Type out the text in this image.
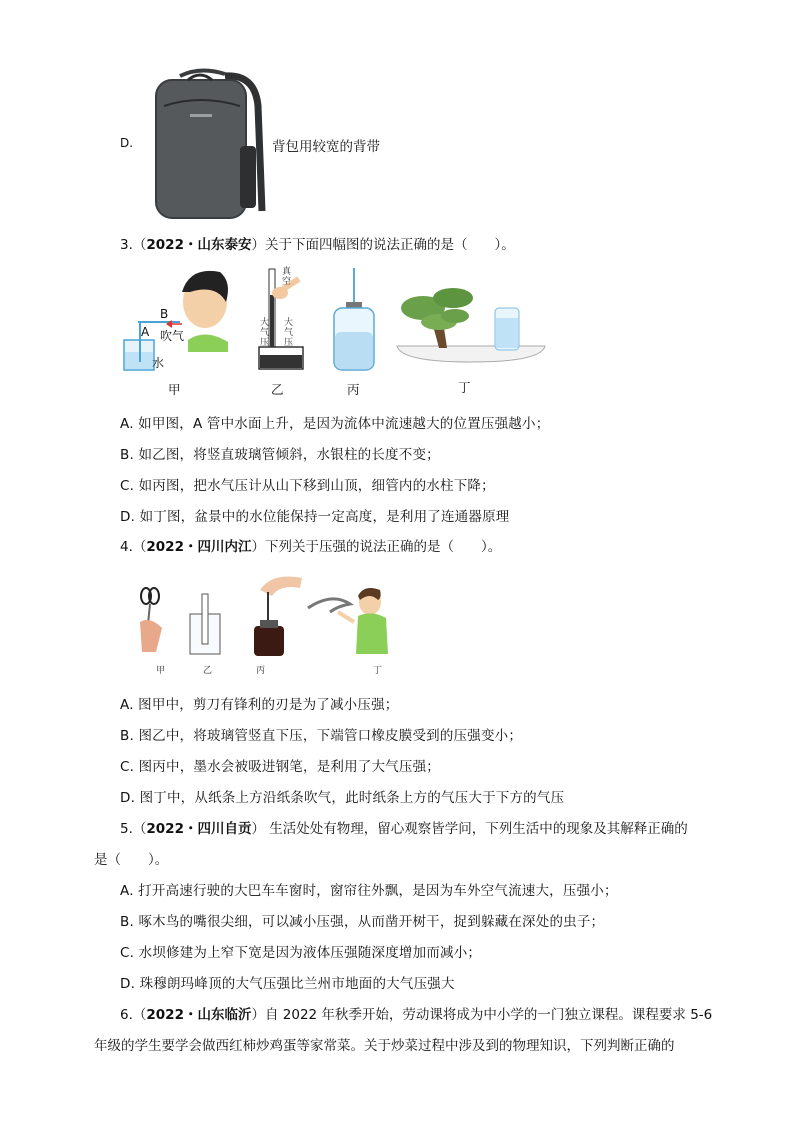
D.	背包用较宽的背带
3.（2022・山东泰安）关于下面四幅图的说法正确的是（　　）。
B
A 吹气
水
甲
真空
大气压
大气压
乙	丙	丁
A. 如甲图，A 管中水面上升，是因为流体中流速越大的位置压强越小；
B. 如乙图，将竖直玻璃管倾斜，水银柱的长度不变；
C. 如丙图，把水气压计从山下移到山顶，细管内的水柱下降；
D. 如丁图，盆景中的水位能保持一定高度，是利用了连通器原理
4.（2022・四川内江）下列关于压强的说法正确的是（　　）。
甲	乙	丙	丁
A. 图甲中，剪刀有锋利的刃是为了减小压强；
B. 图乙中，将玻璃管竖直下压，下端管口橡皮膜受到的压强变小；
C. 图丙中，墨水会被吸进钢笔，是利用了大气压强；
D. 图丁中，从纸条上方沿纸条吹气，此时纸条上方的气压大于下方的气压
5.（2022・四川自贡） 生活处处有物理，留心观察皆学问，下列生活中的现象及其解释正确的
是（　　）。
A. 打开高速行驶的大巴车车窗时，窗帘往外飘，是因为车外空气流速大，压强小；
B. 啄木鸟的嘴很尖细，可以减小压强，从而凿开树干，捉到躲藏在深处的虫子；
C. 水坝修建为上窄下宽是因为液体压强随深度增加而减小；
D. 珠穆朗玛峰顶的大气压强比兰州市地面的大气压强大
6.（2022・山东临沂）自 2022 年秋季开始，劳动课将成为中小学的一门独立课程。课程要求 5-6
年级的学生要学会做西红柿炒鸡蛋等家常菜。关于炒菜过程中涉及到的物理知识，下列判断正确的
